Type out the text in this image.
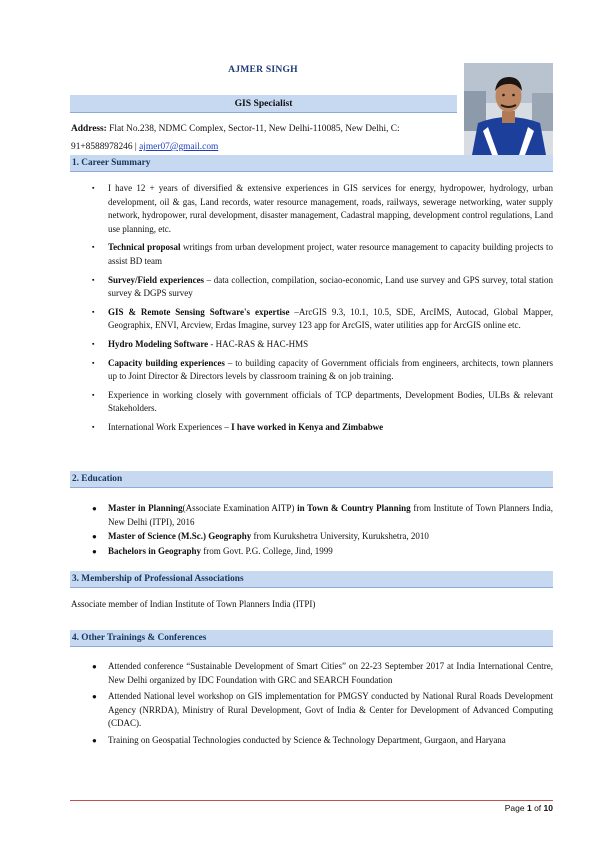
AJMER SINGH
GIS Specialist
Address: Flat No.238, NDMC Complex, Sector-11, New Delhi-110085, New Delhi, C:
91+8588978246 | ajmer07@gmail.com
1. Career Summary
▪ I have 12 + years of diversified & extensive experiences in GIS services for energy, hydropower, hydrology, urban development, oil & gas, Land records, water resource management, roads, railways, sewerage networking, water supply network, hydropower, rural development, disaster management, Cadastral mapping, development control regulations, Land use planning, etc.
▪ Technical proposal writings from urban development project, water resource management to capacity building projects to assist BD team
▪ Survey/Field experiences – data collection, compilation, sociao-economic, Land use survey and GPS survey, total station survey & DGPS survey
▪ GIS & Remote Sensing Software's expertise –ArcGIS 9.3, 10.1, 10.5, SDE, ArcIMS, Autocad, Global Mapper, Geographix, ENVI, Arcview, Erdas Imagine, survey 123 app for ArcGIS, water utilities app for ArcGIS online etc.
▪ Hydro Modeling Software - HAC-RAS & HAC-HMS
▪ Capacity building experiences – to building capacity of Government officials from engineers, architects, town planners up to Joint Director & Directors levels by classroom training & on job training.
▪ Experience in working closely with government officials of TCP departments, Development Bodies, ULBs & relevant Stakeholders.
▪ International Work Experiences – I have worked in Kenya and Zimbabwe
2. Education
● Master in Planning(Associate Examination AITP) in Town & Country Planning from Institute of Town Planners India, New Delhi (ITPI), 2016
● Master of Science (M.Sc.) Geography from Kurukshetra University, Kurukshetra, 2010
● Bachelors in Geography from Govt. P.G. College, Jind, 1999
3. Membership of Professional Associations
Associate member of Indian Institute of Town Planners India (ITPI)
4. Other Trainings & Conferences
● Attended conference “Sustainable Development of Smart Cities” on 22-23 September 2017 at India International Centre, New Delhi organized by IDC Foundation with GRC and SEARCH Foundation
● Attended National level workshop on GIS implementation for PMGSY conducted by National Rural Roads Development Agency (NRRDA), Ministry of Rural Development, Govt of India & Center for Development of Advanced Computing (CDAC).
● Training on Geospatial Technologies conducted by Science & Technology Department, Gurgaon, and Haryana
Page 1 of 10
